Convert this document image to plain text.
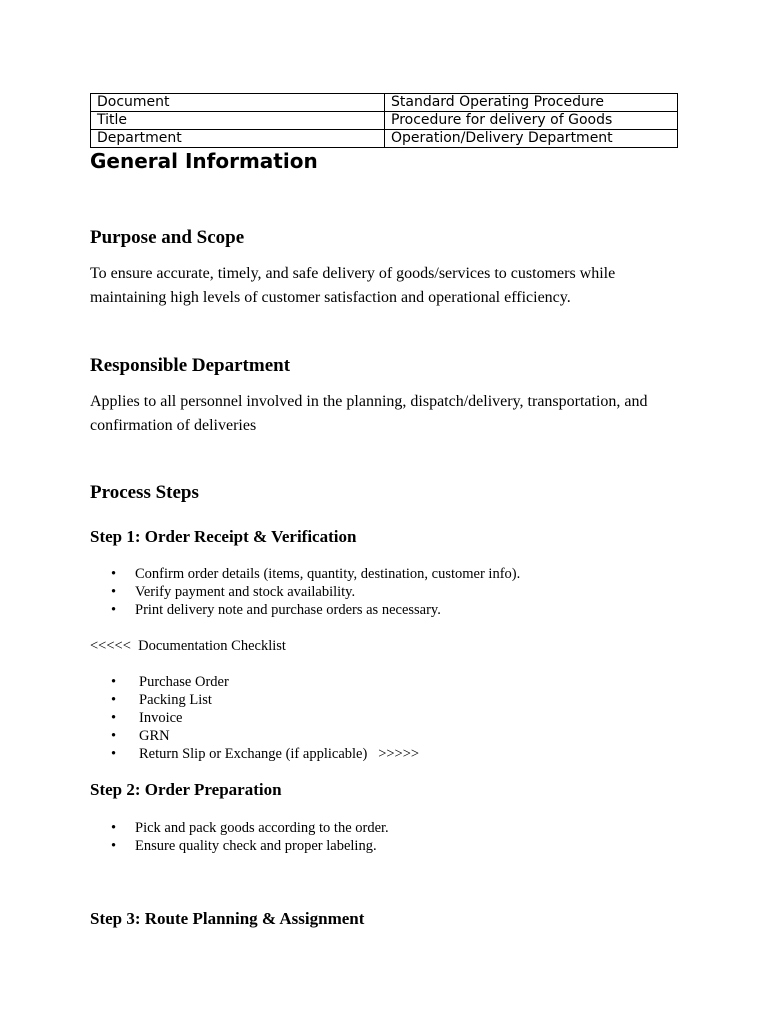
Document	Standard Operating Procedure
Title	Procedure for delivery of Goods
Department	Operation/Delivery Department
General Information
Purpose and Scope

To ensure accurate, timely, and safe delivery of goods/services to customers while maintaining high levels of customer satisfaction and operational efficiency.

Responsible Department

Applies to all personnel involved in the planning, dispatch/delivery, transportation, and confirmation of deliveries

Process Steps
Step 1: Order Receipt & Verification
• Confirm order details (items, quantity, destination, customer info).
• Verify payment and stock availability.
• Print delivery note and purchase orders as necessary.

<<<<< Documentation Checklist

• Purchase Order
• Packing List
• Invoice
• GRN
• Return Slip or Exchange (if applicable) >>>>>
Step 2: Order Preparation
• Pick and pack goods according to the order.
• Ensure quality check and proper labeling.
Step 3: Route Planning & Assignment
